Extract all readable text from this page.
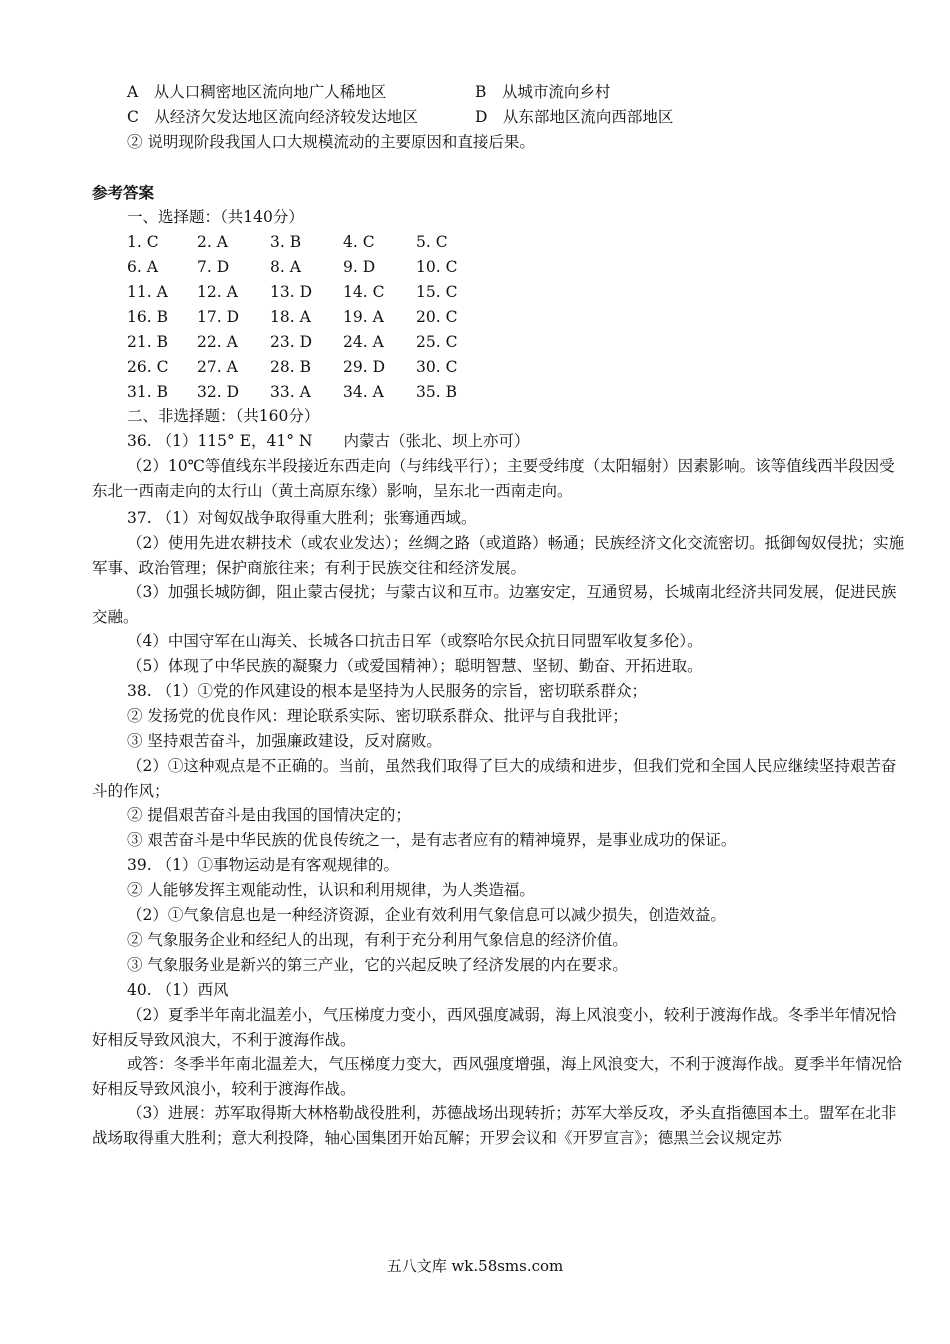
A　从人口稠密地区流向地广人稀地区	B　从城市流向乡村
C　从经济欠发达地区流向经济较发达地区	D　从东部地区流向西部地区
② 说明现阶段我国人口大规模流动的主要原因和直接后果。
参考答案
一、选择题：（共140分）
1. C 2. A	3. B	4. C	5. C
6. A	7. D	8. A	9. D	10. C
11. A 12. A 13. D 14. C 15. C
16. B 17. D 18. A 19. A 20. C
21. B 22. A 23. D 24. A 25. C
26. C 27. A 28. B 29. D 30. C
31. B 32. D 33. A 34. A 35. B
二、非选择题：（共160分）
36. （1）115° E，41° N　　内蒙古（张北、坝上亦可）
（2）10℃等值线东半段接近东西走向（与纬线平行）；主要受纬度（太阳辐射）因素影响。该等值线西半段因受东北一西南走向的太行山（黄土高原东缘）影响，呈东北一西南走向。
37. （1）对匈奴战争取得重大胜利；张骞通西域。
（2）使用先进农耕技术（或农业发达）；丝绸之路（或道路）畅通；民族经济文化交流密切。抵御匈奴侵扰；实施军事、政治管理；保护商旅往来；有利于民族交往和经济发展。
（3）加强长城防御，阻止蒙古侵扰；与蒙古议和互市。边塞安定，互通贸易，长城南北经济共同发展，促进民族交融。
（4）中国守军在山海关、长城各口抗击日军（或察哈尔民众抗日同盟军收复多伦）。
（5）体现了中华民族的凝聚力（或爱国精神）；聪明智慧、坚韧、勤奋、开拓进取。
38. （1）①党的作风建设的根本是坚持为人民服务的宗旨，密切联系群众；
② 发扬党的优良作风：理论联系实际、密切联系群众、批评与自我批评；
③ 坚持艰苦奋斗，加强廉政建设，反对腐败。
（2）①这种观点是不正确的。当前，虽然我们取得了巨大的成绩和进步，但我们党和全国人民应继续坚持艰苦奋斗的作风；
② 提倡艰苦奋斗是由我国的国情决定的；
③ 艰苦奋斗是中华民族的优良传统之一，是有志者应有的精神境界，是事业成功的保证。
39. （1）①事物运动是有客观规律的。
② 人能够发挥主观能动性，认识和利用规律，为人类造福。
（2）①气象信息也是一种经济资源，企业有效利用气象信息可以减少损失，创造效益。
② 气象服务企业和经纪人的出现，有利于充分利用气象信息的经济价值。
③ 气象服务业是新兴的第三产业，它的兴起反映了经济发展的内在要求。
40. （1）西风
（2）夏季半年南北温差小，气压梯度力变小，西风强度减弱，海上风浪变小，较利于渡海作战。冬季半年情况恰好相反导致风浪大，不利于渡海作战。
或答：冬季半年南北温差大，气压梯度力变大，西风强度增强，海上风浪变大，不利于渡海作战。夏季半年情况恰好相反导致风浪小，较利于渡海作战。
（3）进展：苏军取得斯大林格勒战役胜利，苏德战场出现转折；苏军大举反攻，矛头直指德国本土。盟军在北非战场取得重大胜利；意大利投降，轴心国集团开始瓦解；开罗会议和《开罗宣言》；德黑兰会议规定苏
五八文库 wk.58sms.com
